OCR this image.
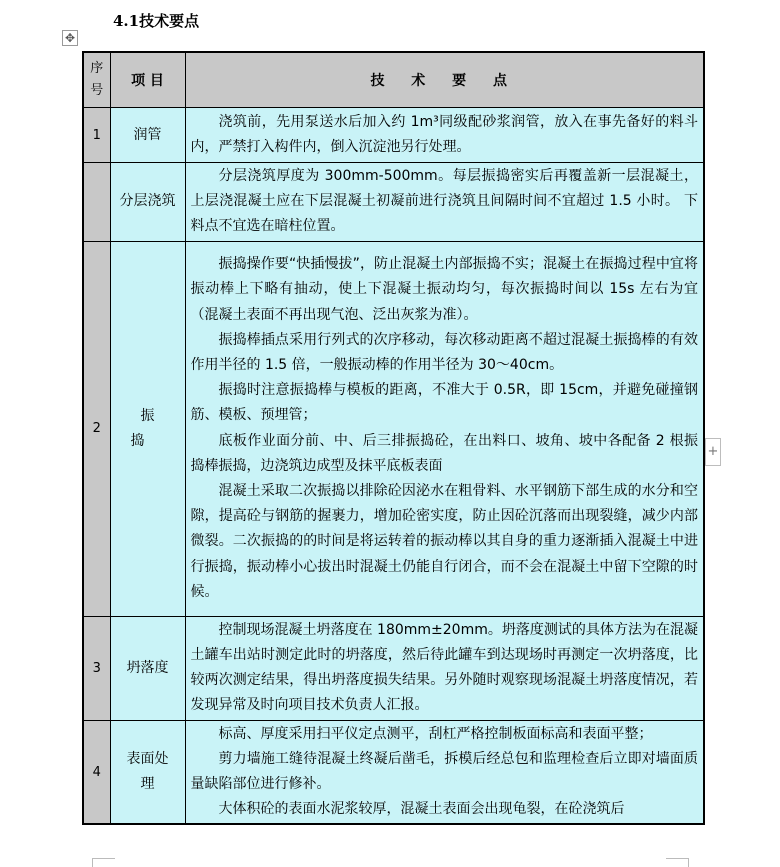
4.1技术要点
✥
+
序号	项 目	技 术 要 点
1	润管	浇筑前，先用泵送水后加入约 1m³同级配砂浆润管，放入在事先备好的料斗内，严禁打入构件内，倒入沉淀池另行处理。

	分层浇筑	分层浇筑厚度为 300mm-500mm。每层振捣密实后再覆盖新一层混凝土，上层浇混凝土应在下层混凝土初凝前进行浇筑且间隔时间不宜超过 1.5 小时。 下料点不宜选在暗柱位置。

2	振捣	振捣操作要“快插慢拔”，防止混凝土内部振捣不实；混凝土在振捣过程中宜将振动棒上下略有抽动，使上下混凝土振动均匀，每次振捣时间以 15s 左右为宜（混凝土表面不再出现气泡、泛出灰浆为准）。

振捣棒插点采用行列式的次序移动，每次移动距离不超过混凝土振捣棒的有效作用半径的 1.5 倍，一般振动棒的作用半径为 30～40cm。

振捣时注意振捣棒与模板的距离，不准大于 0.5R，即 15cm，并避免碰撞钢筋、模板、预埋管；

底板作业面分前、中、后三排振捣砼，在出料口、坡角、坡中各配备 2 根振捣棒振捣，边浇筑边成型及抹平底板表面

混凝土采取二次振捣以排除砼因泌水在粗骨料、水平钢筋下部生成的水分和空隙，提高砼与钢筋的握裹力，增加砼密实度，防止因砼沉落而出现裂缝，减少内部微裂。二次振捣的的时间是将运转着的振动棒以其自身的重力逐渐插入混凝土中进行振捣，振动棒小心拔出时混凝土仍能自行闭合，而不会在混凝土中留下空隙的时候。

3	坍落度	控制现场混凝土坍落度在 180mm±20mm。坍落度测试的具体方法为在混凝土罐车出站时测定此时的坍落度，然后待此罐车到达现场时再测定一次坍落度，比较两次测定结果，得出坍落度损失结果。另外随时观察现场混凝土坍落度情况，若发现异常及时向项目技术负责人汇报。

4	表面处理	标高、厚度采用扫平仪定点测平，刮杠严格控制板面标高和表面平整；

剪力墙施工缝待混凝土终凝后凿毛，拆模后经总包和监理检查后立即对墙面质量缺陷部位进行修补。

大体积砼的表面水泥浆较厚，混凝土表面会出现龟裂，在砼浇筑后
